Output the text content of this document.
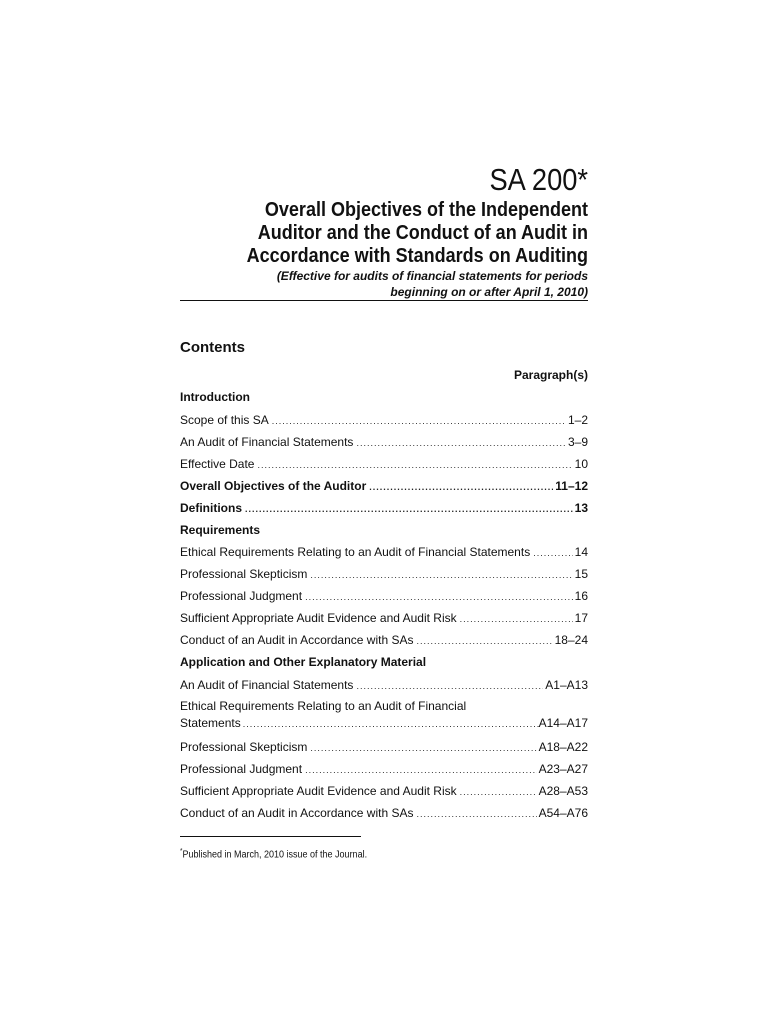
SA 200*
Overall Objectives of the Independent
Auditor and the Conduct of an Audit in
Accordance with Standards on Auditing
(Effective for audits of financial statements for periods
beginning on or after April 1, 2010)
Contents
Paragraph(s)
Introduction
Scope of this SA .....	1–2
An Audit of Financial Statements .....	3–9
Effective Date .....	10
Overall Objectives of the Auditor .....	11–12
Definitions .....	13
Requirements
Ethical Requirements Relating to an Audit of Financial Statements .....	14
Professional Skepticism .....	15
Professional Judgment .....	16
Sufficient Appropriate Audit Evidence and Audit Risk .....	17
Conduct of an Audit in Accordance with SAs .....	18–24
Application and Other Explanatory Material
An Audit of Financial Statements .....	A1–A13
Ethical Requirements Relating to an Audit of Financial
Statements .....	A14–A17
Professional Skepticism .....	A18–A22
Professional Judgment .....	A23–A27
Sufficient Appropriate Audit Evidence and Audit Risk .....	A28–A53
Conduct of an Audit in Accordance with SAs .....	A54–A76
*Published in March, 2010 issue of the Journal.
